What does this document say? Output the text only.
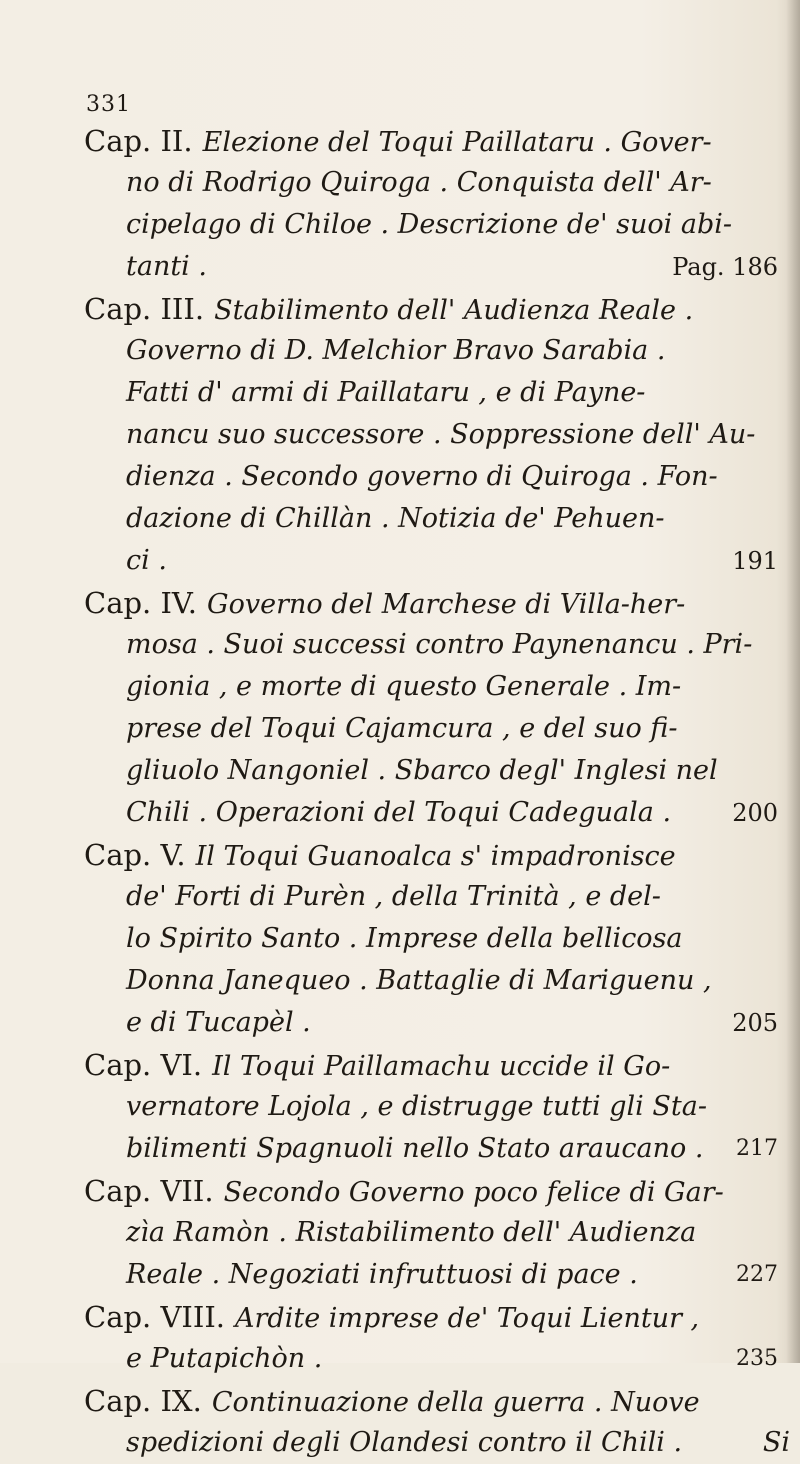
331
Cap. II. Elezione del Toqui Paillataru . Gover-
no di Rodrigo Quiroga . Conquista dell' Ar-
cipelago di Chiloe . Descrizione de' suoi abi-
tanti .	Pag. 186
Cap. III. Stabilimento dell' Audienza Reale .
Governo di D. Melchior Bravo Sarabia .
Fatti d' armi di Paillataru , e di Payne-
nancu suo successore . Soppressione dell' Au-
dienza . Secondo governo di Quiroga . Fon-
dazione di Chillàn . Notizia de' Pehuen-
ci .	191
Cap. IV. Governo del Marchese di Villa-her-
mosa . Suoi successi contro Paynenancu . Pri-
gionia , e morte di questo Generale . Im-
prese del Toqui Cajamcura , e del suo fi-
gliuolo Nangoniel . Sbarco degl' Inglesi nel
Chili . Operazioni del Toqui Cadeguala .	200
Cap. V. Il Toqui Guanoalca s' impadronisce
de' Forti di Purèn , della Trinità , e del-
lo Spirito Santo . Imprese della bellicosa
Donna Janequeo . Battaglie di Mariguenu ,
e di Tucapèl .	205
Cap. VI. Il Toqui Paillamachu uccide il Go-
vernatore Lojola , e distrugge tutti gli Sta-
bilimenti Spagnuoli nello Stato araucano . 217
Cap. VII. Secondo Governo poco felice di Gar-
zìa Ramòn . Ristabilimento dell' Audienza
Reale . Negoziati infruttuosi di pace .	227
Cap. VIII. Ardite imprese de' Toqui Lientur ,
e Putapichòn .	235
Cap. IX. Continuazione della guerra . Nuove
spedizioni degli Olandesi contro il Chili .	Si
